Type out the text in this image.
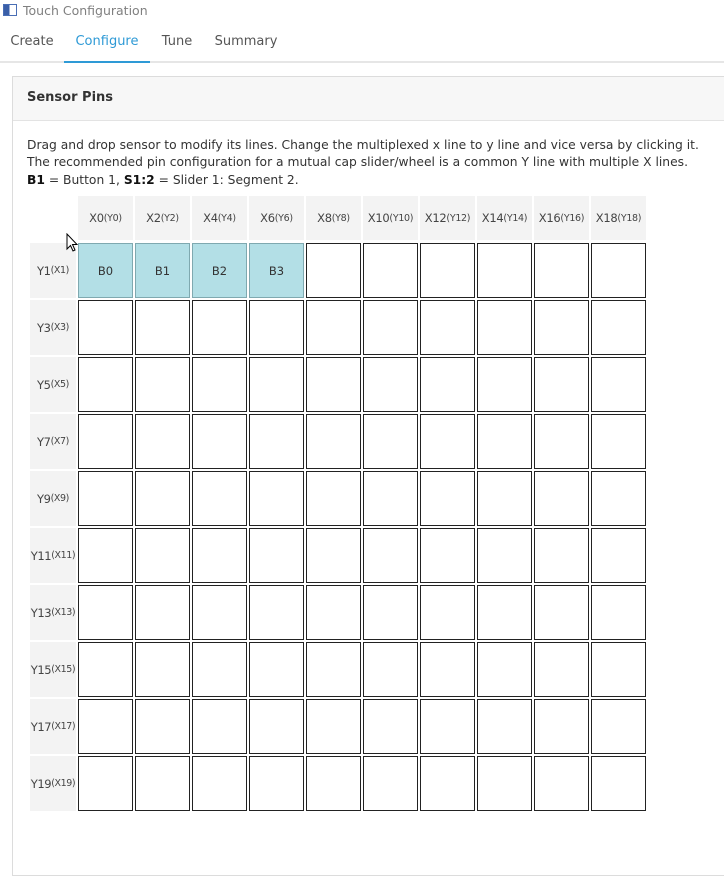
Touch Configuration
Create	Configure	Tune	Summary
Sensor Pins
Drag and drop sensor to modify its lines. Change the multiplexed x line to y line and vice versa by clicking it.
The recommended pin configuration for a mutual cap slider/wheel is a common Y line with multiple X lines.
B1 = Button 1, S1:2 = Slider 1: Segment 2.
X0 (Y0) X2 (Y2) X4 (Y4) X6 (Y6) X8 (Y8) X10 (Y10) X12 (Y12) X14 (Y14) X16 (Y16) X18 (Y18)
Y1 (X1)	B0	B1	B2	B3
Y3 (X3)
Y5 (X5)
Y7 (X7)
Y9 (X9)
Y11 (X11)
Y13 (X13)
Y15 (X15)
Y17 (X17)
Y19 (X19)
